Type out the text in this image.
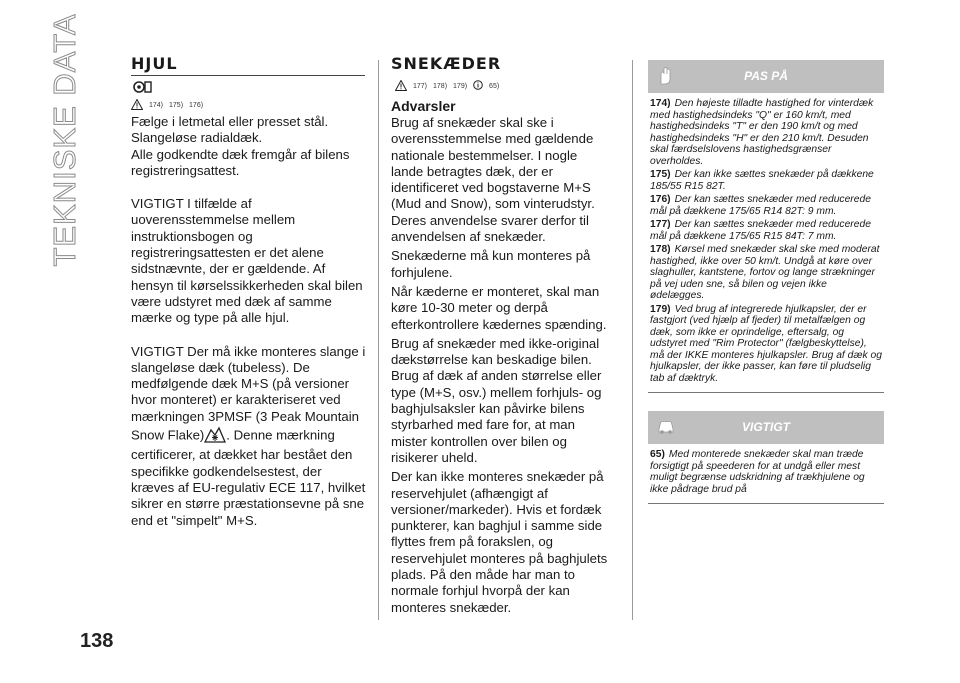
TEKNISKE DATA	HJUL
174) 175) 176)

Fælge i letmetal eller presset stål.

Slangeløse radialdæk.

Alle godkendte dæk fremgår af bilens registreringsattest.

VIGTIGT I tilfælde af uoverensstemmelse mellem instruktionsbogen og registreringsattesten er det alene sidstnævnte, der er gældende. Af hensyn til kørselssikkerheden skal bilen være udstyret med dæk af samme mærke og type på alle hjul.

VIGTIGT Der må ikke monteres slange i slangeløse dæk (tubeless). De medfølgende dæk M+S (på versioner hvor monteret) er karakteriseret ved mærkningen 3PMSF (3 Peak Mountain Snow Flake) . Denne mærkning certificerer, at dækket har bestået den specifikke godkendelsestest, der kræves af EU-regulativ ECE 117, hvilket sikrer en større præstationsevne på sne end et "simpelt" M+S.

SNEKÆDER
177) 178) 179)	65)
Advarsler

Brug af snekæder skal ske i overensstemmelse med gældende nationale bestemmelser. I nogle lande betragtes dæk, der er identificeret ved bogstaverne M+S (Mud and Snow), som vinterudstyr. Deres anvendelse svarer derfor til anvendelsen af snekæder.

Snekæderne må kun monteres på forhjulene.

Når kæderne er monteret, skal man køre 10-30 meter og derpå efterkontrollere kædernes spænding.

Brug af snekæder med ikke-original dækstørrelse kan beskadige bilen. Brug af dæk af anden størrelse eller type (M+S, osv.) mellem forhjuls- og baghjulsaksler kan påvirke bilens styrbarhed med fare for, at man mister kontrollen over bilen og risikerer uheld.

Der kan ikke monteres snekæder på reservehjulet (afhængigt af versioner/markeder). Hvis et fordæk punkterer, kan baghjul i samme side flyttes frem på forakslen, og reservehjulet monteres på baghjulets plads. På den måde har man to normale forhjul hvorpå der kan monteres snekæder.

PAS PÅ

174) Den højeste tilladte hastighed for vinterdæk med hastighedsindeks "Q" er 160 km/t, med hastighedsindeks "T" er den 190 km/t og med hastighedsindeks "H" er den 210 km/t. Desuden skal færdselslovens hastighedsgrænser overholdes.

175) Der kan ikke sættes snekæder på dækkene 185/55 R15 82T.

176) Der kan sættes snekæder med reducerede mål på dækkene 175/65 R14 82T: 9 mm.

177) Der kan sættes snekæder med reducerede mål på dækkene 175/65 R15 84T: 7 mm.

178) Kørsel med snekæder skal ske med moderat hastighed, ikke over 50 km/t. Undgå at køre over slaghuller, kantstene, fortov og lange strækninger på vej uden sne, så bilen og vejen ikke ødelægges.

179) Ved brug af integrerede hjulkapsler, der er fastgjort (ved hjælp af fjeder) til metalfælgen og dæk, som ikke er oprindelige, eftersalg, og udstyret med "Rim Protector" (fælgbeskyttelse), må der IKKE monteres hjulkapsler. Brug af dæk og hjulkapsler, der ikke passer, kan føre til pludselig tab af dæktryk.

VIGTIGT

65) Med monterede snekæder skal man træde forsigtigt på speederen for at undgå eller mest muligt begrænse udskridning af trækhjulene og ikke pådrage brud på

138
